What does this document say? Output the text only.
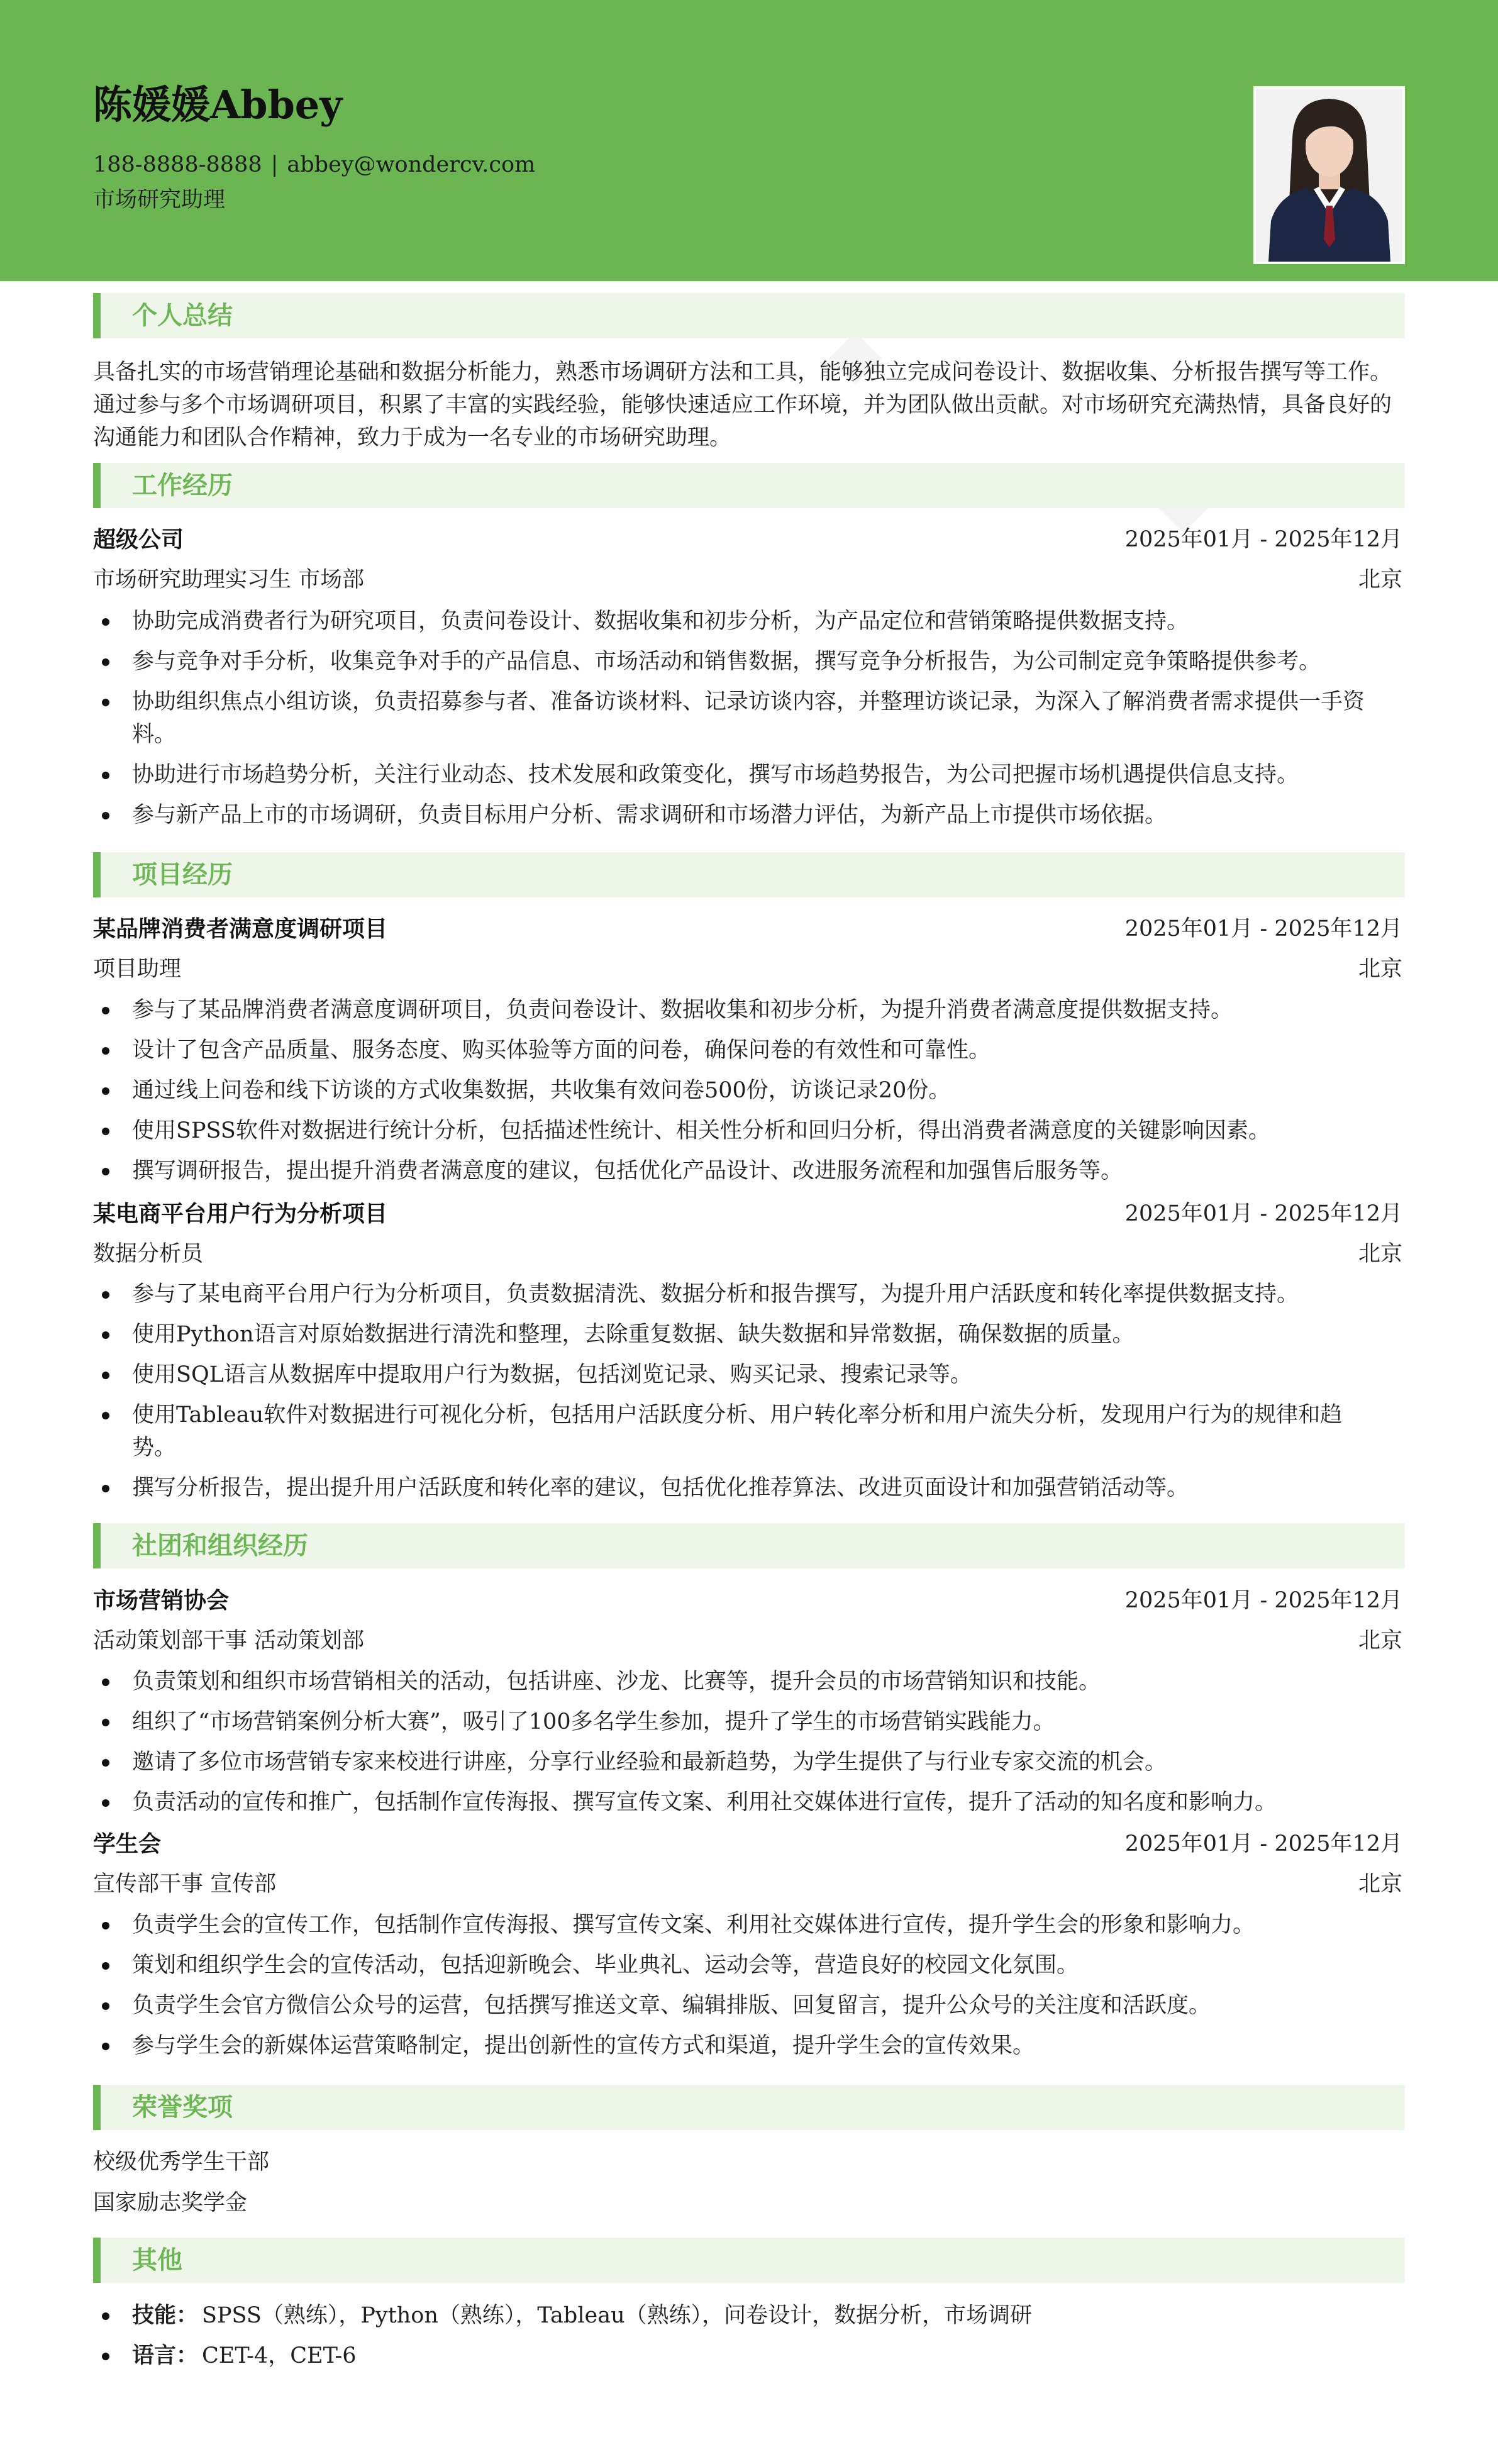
陈媛媛Abbey
188-8888-8888 | abbey@wondercv.com
市场研究助理
个人总结
具备扎实的市场营销理论基础和数据分析能力，熟悉市场调研方法和工具，能够独立完成问卷设计、数据收集、分析报告撰写等工作。通过参与多个市场调研项目，积累了丰富的实践经验，能够快速适应工作环境，并为团队做出贡献。对市场研究充满热情，具备良好的沟通能力和团队合作精神，致力于成为一名专业的市场研究助理。
工作经历
超级公司	2025年01月 - 2025年12月
市场研究助理实习生 市场部	北京
协助完成消费者行为研究项目，负责问卷设计、数据收集和初步分析，为产品定位和营销策略提供数据支持。
参与竞争对手分析，收集竞争对手的产品信息、市场活动和销售数据，撰写竞争分析报告，为公司制定竞争策略提供参考。
协助组织焦点小组访谈，负责招募参与者、准备访谈材料、记录访谈内容，并整理访谈记录，为深入了解消费者需求提供一手资料。
协助进行市场趋势分析，关注行业动态、技术发展和政策变化，撰写市场趋势报告，为公司把握市场机遇提供信息支持。
参与新产品上市的市场调研，负责目标用户分析、需求调研和市场潜力评估，为新产品上市提供市场依据。
项目经历
某品牌消费者满意度调研项目	2025年01月 - 2025年12月
项目助理	北京
参与了某品牌消费者满意度调研项目，负责问卷设计、数据收集和初步分析，为提升消费者满意度提供数据支持。
设计了包含产品质量、服务态度、购买体验等方面的问卷，确保问卷的有效性和可靠性。
通过线上问卷和线下访谈的方式收集数据，共收集有效问卷500份，访谈记录20份。
使用SPSS软件对数据进行统计分析，包括描述性统计、相关性分析和回归分析，得出消费者满意度的关键影响因素。
撰写调研报告，提出提升消费者满意度的建议，包括优化产品设计、改进服务流程和加强售后服务等。
某电商平台用户行为分析项目	2025年01月 - 2025年12月
数据分析员	北京
参与了某电商平台用户行为分析项目，负责数据清洗、数据分析和报告撰写，为提升用户活跃度和转化率提供数据支持。
使用Python语言对原始数据进行清洗和整理，去除重复数据、缺失数据和异常数据，确保数据的质量。
使用SQL语言从数据库中提取用户行为数据，包括浏览记录、购买记录、搜索记录等。
使用Tableau软件对数据进行可视化分析，包括用户活跃度分析、用户转化率分析和用户流失分析，发现用户行为的规律和趋势。
撰写分析报告，提出提升用户活跃度和转化率的建议，包括优化推荐算法、改进页面设计和加强营销活动等。
社团和组织经历
市场营销协会	2025年01月 - 2025年12月
活动策划部干事 活动策划部	北京
负责策划和组织市场营销相关的活动，包括讲座、沙龙、比赛等，提升会员的市场营销知识和技能。
组织了“市场营销案例分析大赛”，吸引了100多名学生参加，提升了学生的市场营销实践能力。
邀请了多位市场营销专家来校进行讲座，分享行业经验和最新趋势，为学生提供了与行业专家交流的机会。
负责活动的宣传和推广，包括制作宣传海报、撰写宣传文案、利用社交媒体进行宣传，提升了活动的知名度和影响力。
学生会	2025年01月 - 2025年12月
宣传部干事 宣传部	北京
负责学生会的宣传工作，包括制作宣传海报、撰写宣传文案、利用社交媒体进行宣传，提升学生会的形象和影响力。
策划和组织学生会的宣传活动，包括迎新晚会、毕业典礼、运动会等，营造良好的校园文化氛围。
负责学生会官方微信公众号的运营，包括撰写推送文章、编辑排版、回复留言，提升公众号的关注度和活跃度。
参与学生会的新媒体运营策略制定，提出创新性的宣传方式和渠道，提升学生会的宣传效果。
荣誉奖项
校级优秀学生干部
国家励志奖学金
其他
技能： SPSS（熟练），Python（熟练），Tableau（熟练），问卷设计，数据分析，市场调研
语言： CET-4，CET-6
